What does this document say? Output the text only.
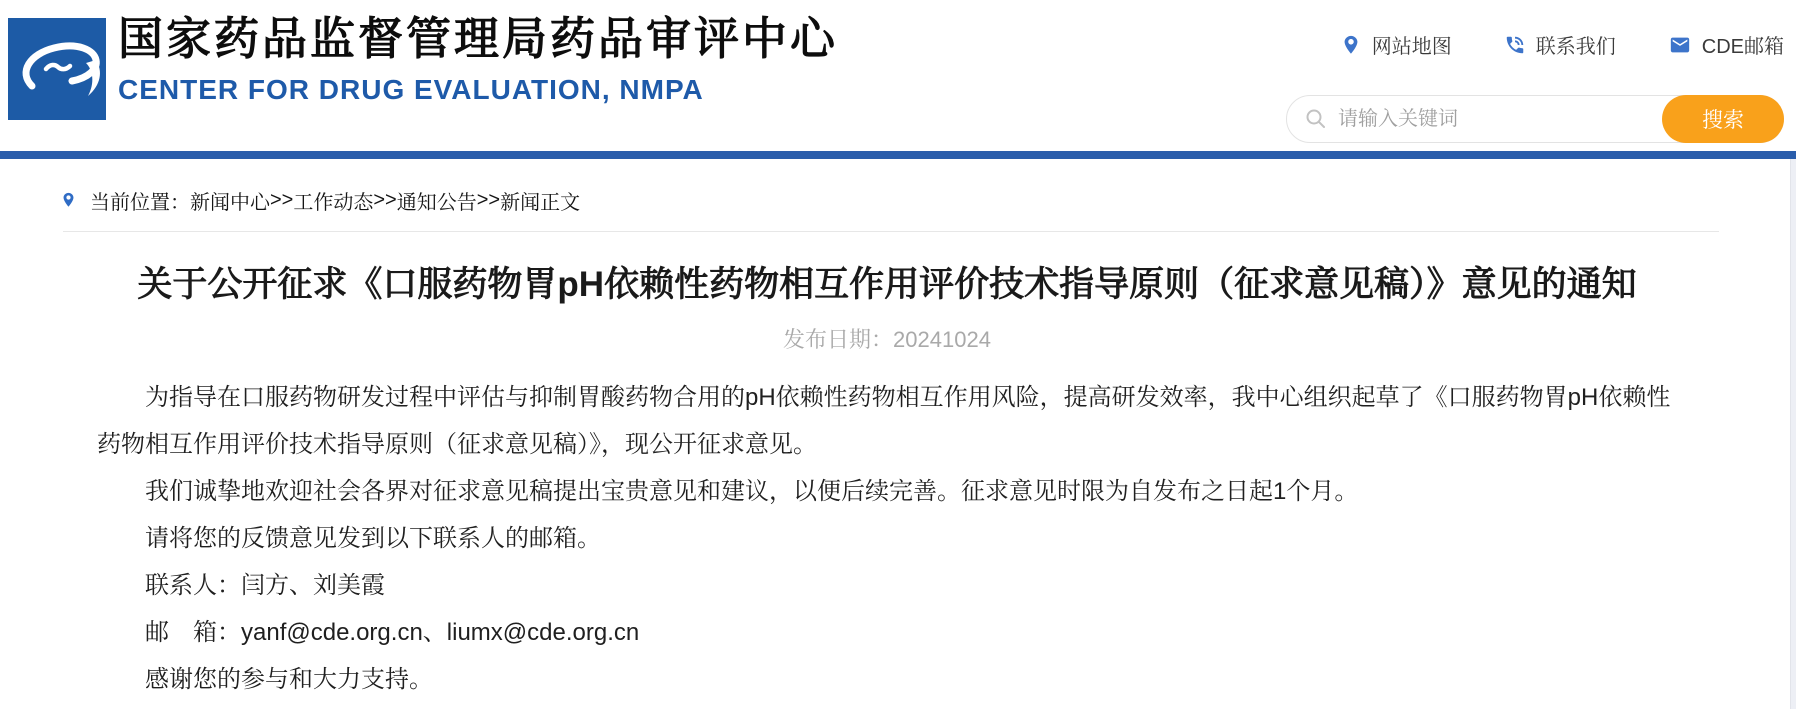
国家药品监督管理局药品审评中心
CENTER FOR DRUG EVALUATION, NMPA
网站地图	联系我们	CDE邮箱
请输入关键词
搜索
当前位置： 新闻中心 >> 工作动态 >> 通知公告 >> 新闻正文
关于公开征求《口服药物胃pH依赖性药物相互作用评价技术指导原则（征求意见稿）》意见的通知
发布日期：20241024

为指导在口服药物研发过程中评估与抑制胃酸药物合用的pH依赖性药物相互作用风险，提高研发效率，我中心组织起草了《口服药物胃pH依赖性药物相互作用评价技术指导原则（征求意见稿）》，现公开征求意见。

我们诚挚地欢迎社会各界对征求意见稿提出宝贵意见和建议，以便后续完善。征求意见时限为自发布之日起1个月。

请将您的反馈意见发到以下联系人的邮箱。

联系人：闫方、刘美霞

邮　箱：yanf@cde.org.cn、liumx@cde.org.cn

感谢您的参与和大力支持。
